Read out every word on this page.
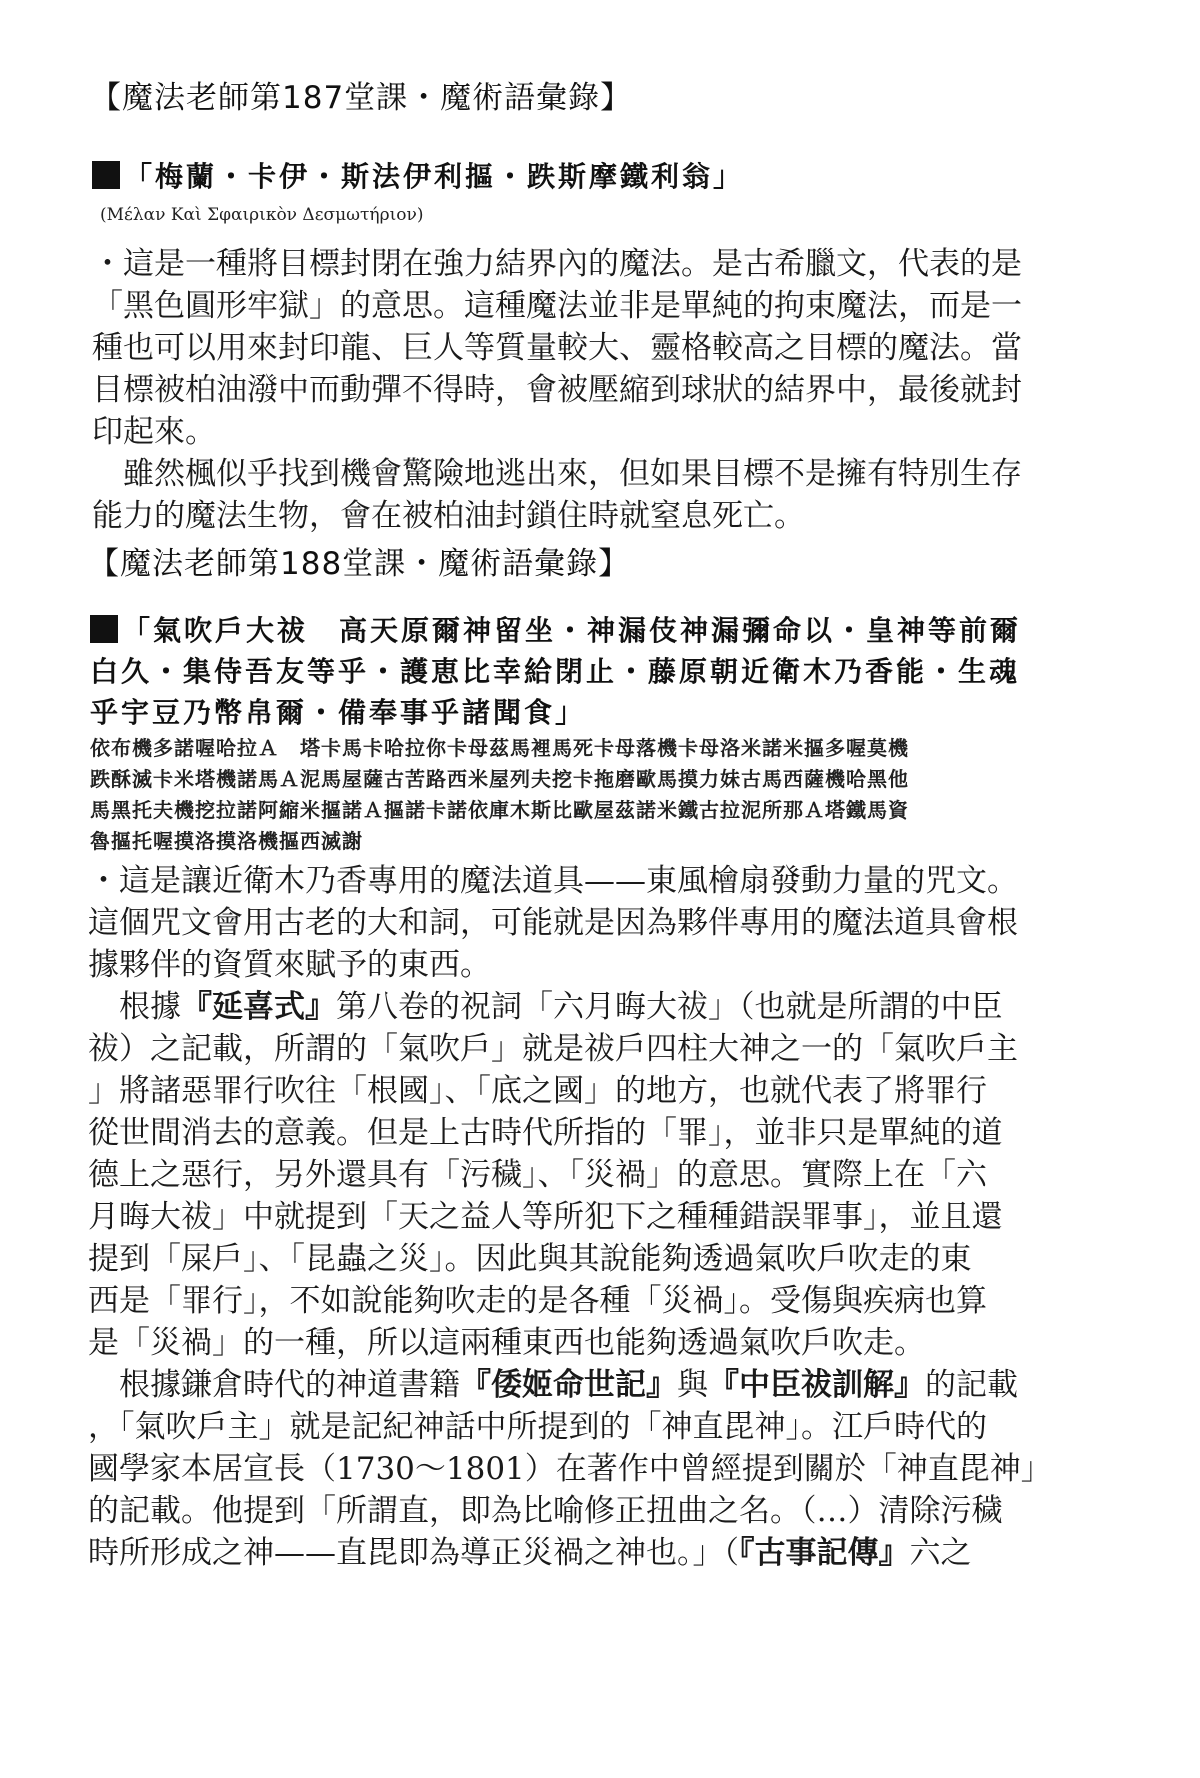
【魔法老師第187堂課・魔術語彙錄】
「梅蘭・卡伊・斯法伊利摳・跌斯摩鐵利翁」
(Μέλαν Καὶ Σφαιρικὸν Δεσμωτήριον)
・這是一種將目標封閉在強力結界內的魔法。是古希臘文，代表的是
「黑色圓形牢獄」的意思。這種魔法並非是單純的拘束魔法，而是一
種也可以用來封印龍、巨人等質量較大、靈格較高之目標的魔法。當
目標被柏油潑中而動彈不得時，會被壓縮到球狀的結界中，最後就封
印起來。
　雖然楓似乎找到機會驚險地逃出來，但如果目標不是擁有特別生存
能力的魔法生物，會在被柏油封鎖住時就窒息死亡。
【魔法老師第188堂課・魔術語彙錄】
「氣吹戶大祓　高天原爾神留坐・神漏伎神漏彌命以・皇神等前爾
白久・集侍吾友等乎・護恵比幸給閉止・藤原朝近衛木乃香能・生魂
乎宇豆乃幣帛爾・備奉事乎諸聞食」
依布機多諾喔哈拉Ａ　塔卡馬卡哈拉你卡母茲馬裡馬死卡母落機卡母洛米諾米摳多喔莫機
跌酥滅卡米塔機諾馬Ａ泥馬屋薩古苦路西米屋列夫挖卡拖磨歐馬摸力妹古馬西薩機哈黑他
馬黑托夫機挖拉諾阿縮米摳諾Ａ摳諾卡諾依庫木斯比歐屋茲諾米鐵古拉泥所那Ａ塔鐵馬資
魯摳托喔摸洛摸洛機摳西滅謝
・這是讓近衛木乃香專用的魔法道具——東風檜扇發動力量的咒文。
這個咒文會用古老的大和詞，可能就是因為夥伴專用的魔法道具會根
據夥伴的資質來賦予的東西。
　根據『延喜式』第八卷的祝詞「六月晦大祓」（也就是所謂的中臣
祓）之記載，所謂的「氣吹戶」就是祓戶四柱大神之一的「氣吹戶主
」將諸惡罪行吹往「根國」、「底之國」的地方，也就代表了將罪行
從世間消去的意義。但是上古時代所指的「罪」，並非只是單純的道
德上之惡行，另外還具有「污穢」、「災禍」的意思。實際上在「六
月晦大祓」中就提到「天之益人等所犯下之種種錯誤罪事」，並且還
提到「屎戶」、「昆蟲之災」。因此與其說能夠透過氣吹戶吹走的東
西是「罪行」，不如說能夠吹走的是各種「災禍」。受傷與疾病也算
是「災禍」的一種，所以這兩種東西也能夠透過氣吹戶吹走。
　根據鎌倉時代的神道書籍『倭姬命世記』與『中臣祓訓解』的記載
，「氣吹戶主」就是記紀神話中所提到的「神直毘神」。江戶時代的
國學家本居宣長（1730～1801）在著作中曾經提到關於「神直毘神」
的記載。他提到「所謂直，即為比喻修正扭曲之名。（…）清除污穢
時所形成之神——直毘即為導正災禍之神也。」（『古事記傳』六之
